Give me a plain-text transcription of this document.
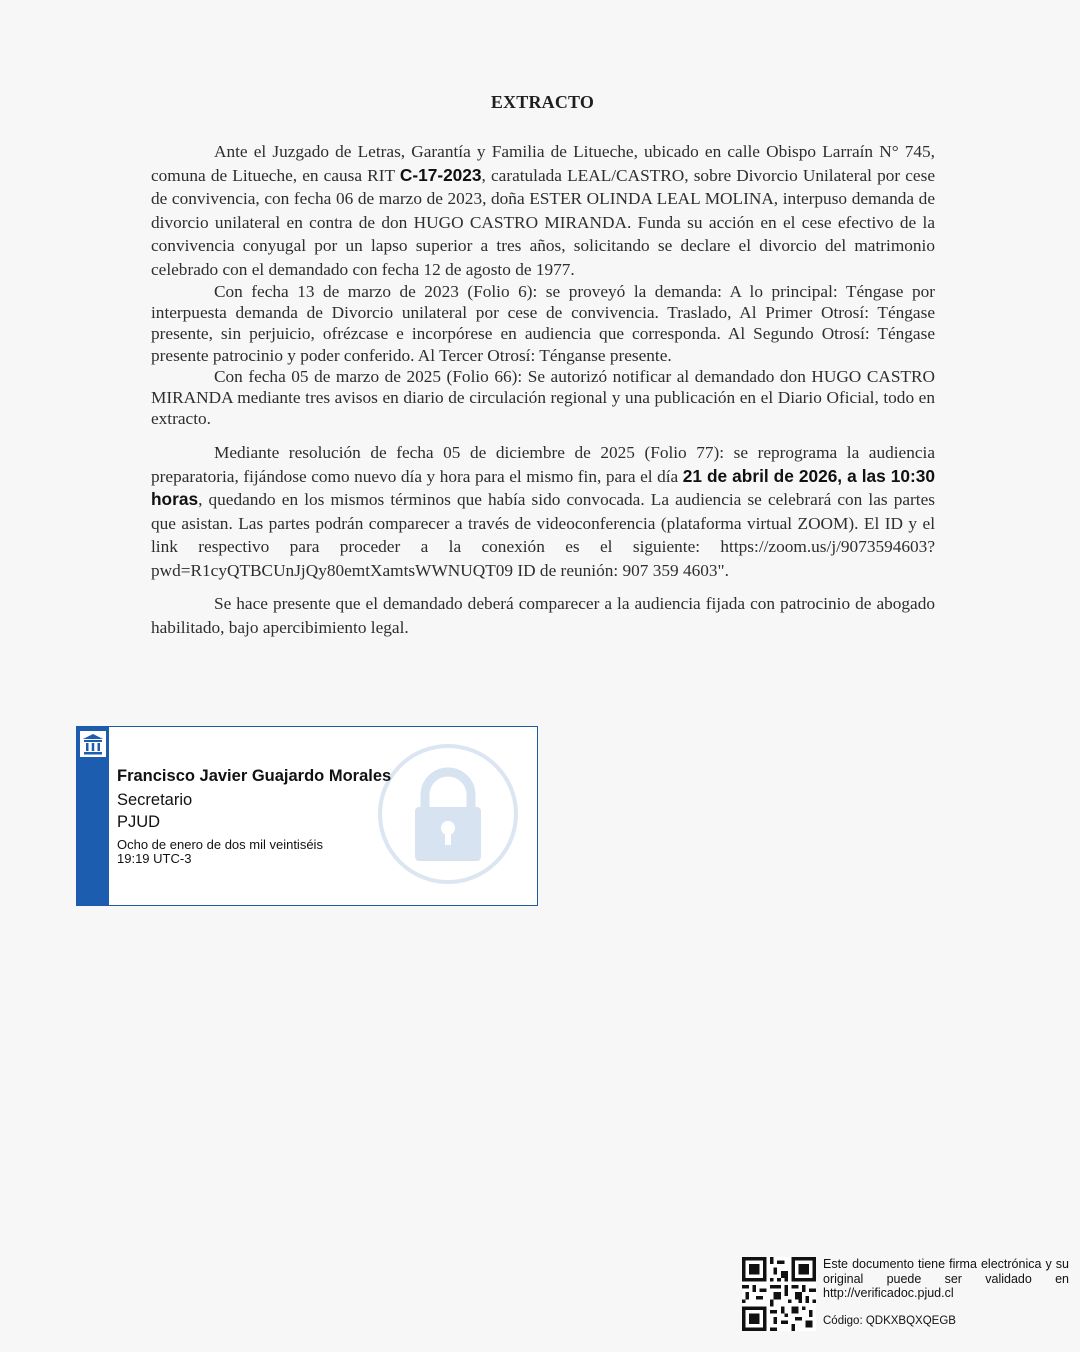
EXTRACTO

Ante el Juzgado de Letras, Garantía y Familia de Litueche, ubicado en calle Obispo Larraín N° 745, comuna de Litueche, en causa RIT C-17-2023, caratulada LEAL/CASTRO, sobre Divorcio Unilateral por cese de convivencia, con fecha 06 de marzo de 2023, doña ESTER OLINDA LEAL MOLINA, interpuso demanda de divorcio unilateral en contra de don HUGO CASTRO MIRANDA. Funda su acción en el cese efectivo de la convivencia conyugal por un lapso superior a tres años, solicitando se declare el divorcio del matrimonio celebrado con el demandado con fecha 12 de agosto de 1977.

Con fecha 13 de marzo de 2023 (Folio 6): se proveyó la demanda: A lo principal: Téngase por interpuesta demanda de Divorcio unilateral por cese de convivencia. Traslado, Al Primer Otrosí: Téngase presente, sin perjuicio, ofrézcase e incorpórese en audiencia que corresponda. Al Segundo Otrosí: Téngase presente patrocinio y poder conferido. Al Tercer Otrosí: Ténganse presente.

Con fecha 05 de marzo de 2025 (Folio 66): Se autorizó notificar al demandado don HUGO CASTRO MIRANDA mediante tres avisos en diario de circulación regional y una publicación en el Diario Oficial, todo en extracto.

Mediante resolución de fecha 05 de diciembre de 2025 (Folio 77): se reprograma la audiencia preparatoria, fijándose como nuevo día y hora para el mismo fin, para el día 21 de abril de 2026, a las 10:30 horas, quedando en los mismos términos que había sido convocada. La audiencia se celebrará con las partes que asistan. Las partes podrán comparecer a través de videoconferencia (plataforma virtual ZOOM). El ID y el link respectivo para proceder a la conexión es el siguiente: https://zoom.us/j/9073594603?pwd=R1cyQTBCUnJjQy80emtXamtsWWNUQT09 ID de reunión: 907 359 4603".

Se hace presente que el demandado deberá comparecer a la audiencia fijada con patrocinio de abogado habilitado, bajo apercibimiento legal.

Francisco Javier Guajardo Morales
Secretario
PJUD
Ocho de enero de dos mil veintiséis
19:19 UTC-3
Este documento tiene firma electrónica y su original puede ser validado en http://verificadoc.pjud.cl
Código: QDKXBQXQEGB
